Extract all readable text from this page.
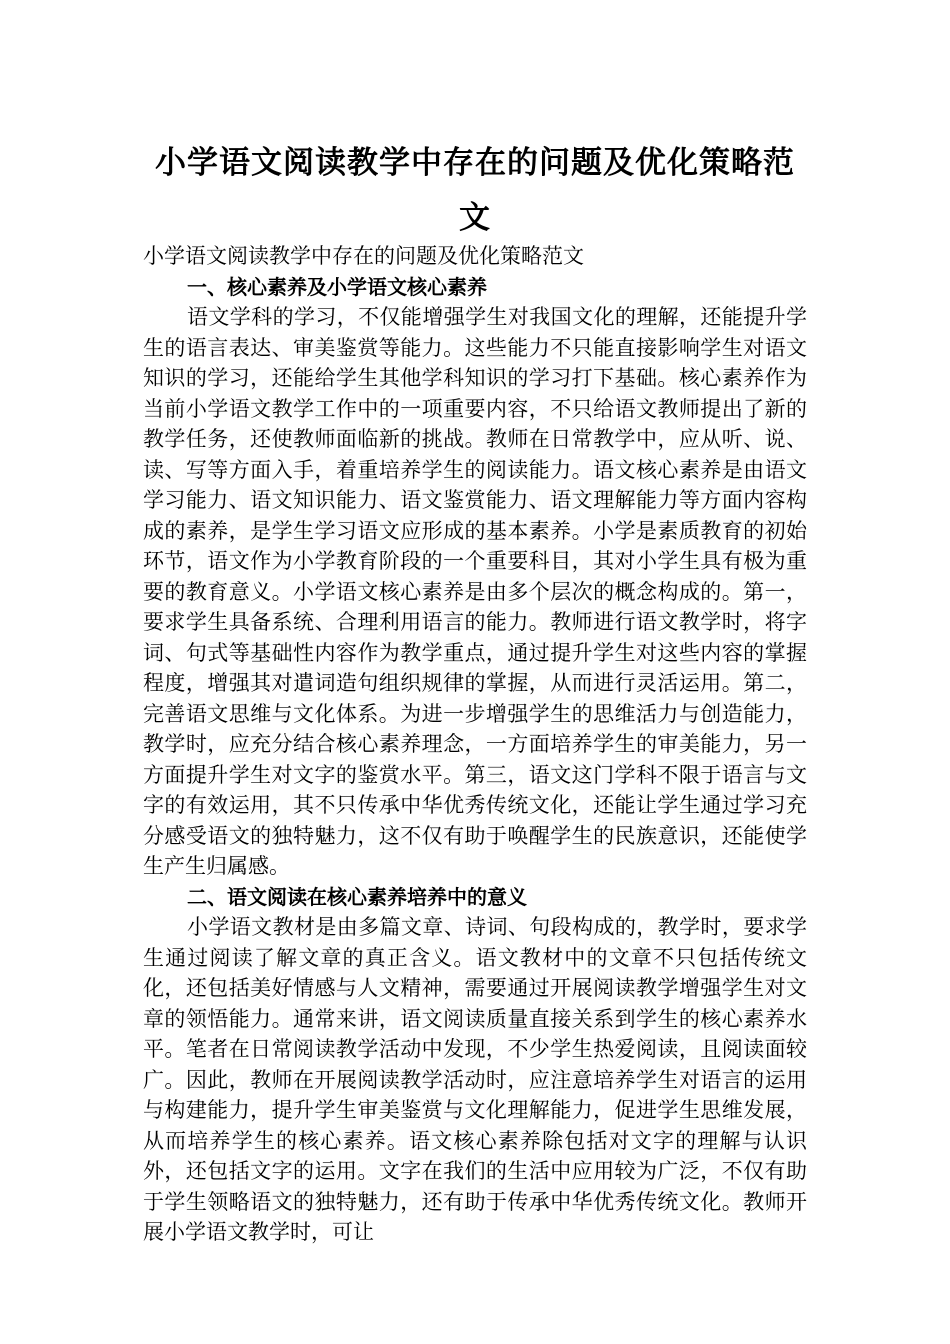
小学语文阅读教学中存在的问题及优化策略范文

小学语文阅读教学中存在的问题及优化策略范文

一、核心素养及小学语文核心素养

语文学科的学习，不仅能增强学生对我国文化的理解，还能提升学生的语言表达、审美鉴赏等能力。这些能力不只能直接影响学生对语文知识的学习，还能给学生其他学科知识的学习打下基础。核心素养作为当前小学语文教学工作中的一项重要内容，不只给语文教师提出了新的教学任务，还使教师面临新的挑战。教师在日常教学中，应从听、说、读、写等方面入手，着重培养学生的阅读能力。语文核心素养是由语文学习能力、语文知识能力、语文鉴赏能力、语文理解能力等方面内容构成的素养，是学生学习语文应形成的基本素养。小学是素质教育的初始环节，语文作为小学教育阶段的一个重要科目，其对小学生具有极为重要的教育意义。小学语文核心素养是由多个层次的概念构成的。第一，要求学生具备系统、合理利用语言的能力。教师进行语文教学时，将字词、句式等基础性内容作为教学重点，通过提升学生对这些内容的掌握程度，增强其对遣词造句组织规律的掌握，从而进行灵活运用。第二，完善语文思维与文化体系。为进一步增强学生的思维活力与创造能力，教学时，应充分结合核心素养理念，一方面培养学生的审美能力，另一方面提升学生对文字的鉴赏水平。第三，语文这门学科不限于语言与文字的有效运用，其不只传承中华优秀传统文化，还能让学生通过学习充分感受语文的独特魅力，这不仅有助于唤醒学生的民族意识，还能使学生产生归属感。

二、语文阅读在核心素养培养中的意义

小学语文教材是由多篇文章、诗词、句段构成的，教学时，要求学生通过阅读了解文章的真正含义。语文教材中的文章不只包括传统文化，还包括美好情感与人文精神，需要通过开展阅读教学增强学生对文章的领悟能力。通常来讲，语文阅读质量直接关系到学生的核心素养水平。笔者在日常阅读教学活动中发现，不少学生热爱阅读，且阅读面较广。因此，教师在开展阅读教学活动时，应注意培养学生对语言的运用与构建能力，提升学生审美鉴赏与文化理解能力，促进学生思维发展，从而培养学生的核心素养。语文核心素养除包括对文字的理解与认识外，还包括文字的运用。文字在我们的生活中应用较为广泛，不仅有助于学生领略语文的独特魅力，还有助于传承中华优秀传统文化。教师开展小学语文教学时，可让
